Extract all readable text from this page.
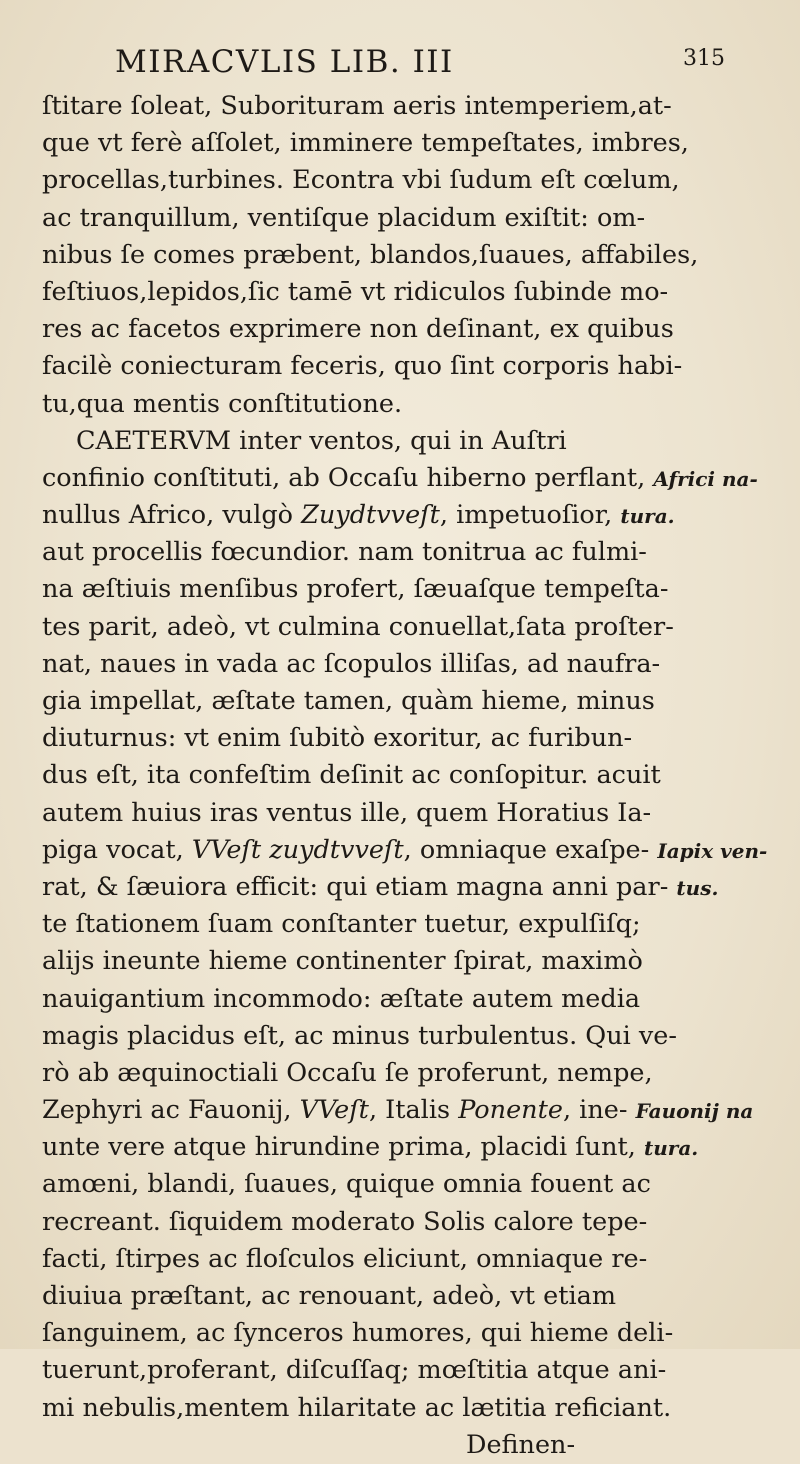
MIRACVLIS LIB. III	315
ſtitare ſoleat, Suborituram aeris intemperiem,at-
que vt ferè aſſolet, imminere tempeſtates, imbres,
procellas,turbines. Econtra vbi ſudum eſt cœlum,
ac tranquillum, ventiſque placidum exiſtit: om-
nibus ſe comes præbent, blandos,ſuaues, affabiles,
feſtiuos,lepidos,ſic tamē vt ridiculos ſubinde mo-
res ac facetos exprimere non deſinant, ex quibus
facilè coniecturam feceris, quo ſint corporis habi-
tu,qua mentis conſtitutione.
CAETERVM inter ventos, qui in Auſtri
confinio conſtituti, ab Occaſu hiberno perflant, Africi na-
nullus Africo, vulgò Zuydtvveſt, impetuoſior, tura.
aut procellis fœcundior. nam tonitrua ac fulmi-
na æſtiuis menſibus profert, ſæuaſque tempeſta-
tes parit, adeò, vt culmina conuellat,ſata proſter-
nat, naues in vada ac ſcopulos illiſas, ad naufra-
gia impellat, æſtate tamen, quàm hieme, minus
diuturnus: vt enim ſubitò exoritur, ac furibun-
dus eſt, ita confeſtim deſinit ac conſopitur. acuit
autem huius iras ventus ille, quem Horatius Ia-
piga vocat, VVeſt zuydtvveſt, omniaque exaſpe- Iapix ven-
rat, & ſæuiora efficit: qui etiam magna anni par- tus.
te ſtationem ſuam conſtanter tuetur, expulſiſq;
alijs ineunte hieme continenter ſpirat, maximò
nauigantium incommodo: æſtate autem media
magis placidus eſt, ac minus turbulentus. Qui ve-
rò ab æquinoctiali Occaſu ſe proferunt, nempe,
Zephyri ac Fauonij, VVeſt, Italis Ponente, ine- Fauonij na
unte vere atque hirundine prima, placidi ſunt, tura.
amœni, blandi, ſuaues, quique omnia fouent ac
recreant. ſiquidem moderato Solis calore tepe-
facti, ſtirpes ac floſculos eliciunt, omniaque re-
diuiua præſtant, ac renouant, adeò, vt etiam
ſanguinem, ac ſynceros humores, qui hieme deli-
tuerunt,proferant, diſcuſſaq; mœſtitia atque ani-
mi nebulis,mentem hilaritate ac lætitia reficiant.
Definen-
